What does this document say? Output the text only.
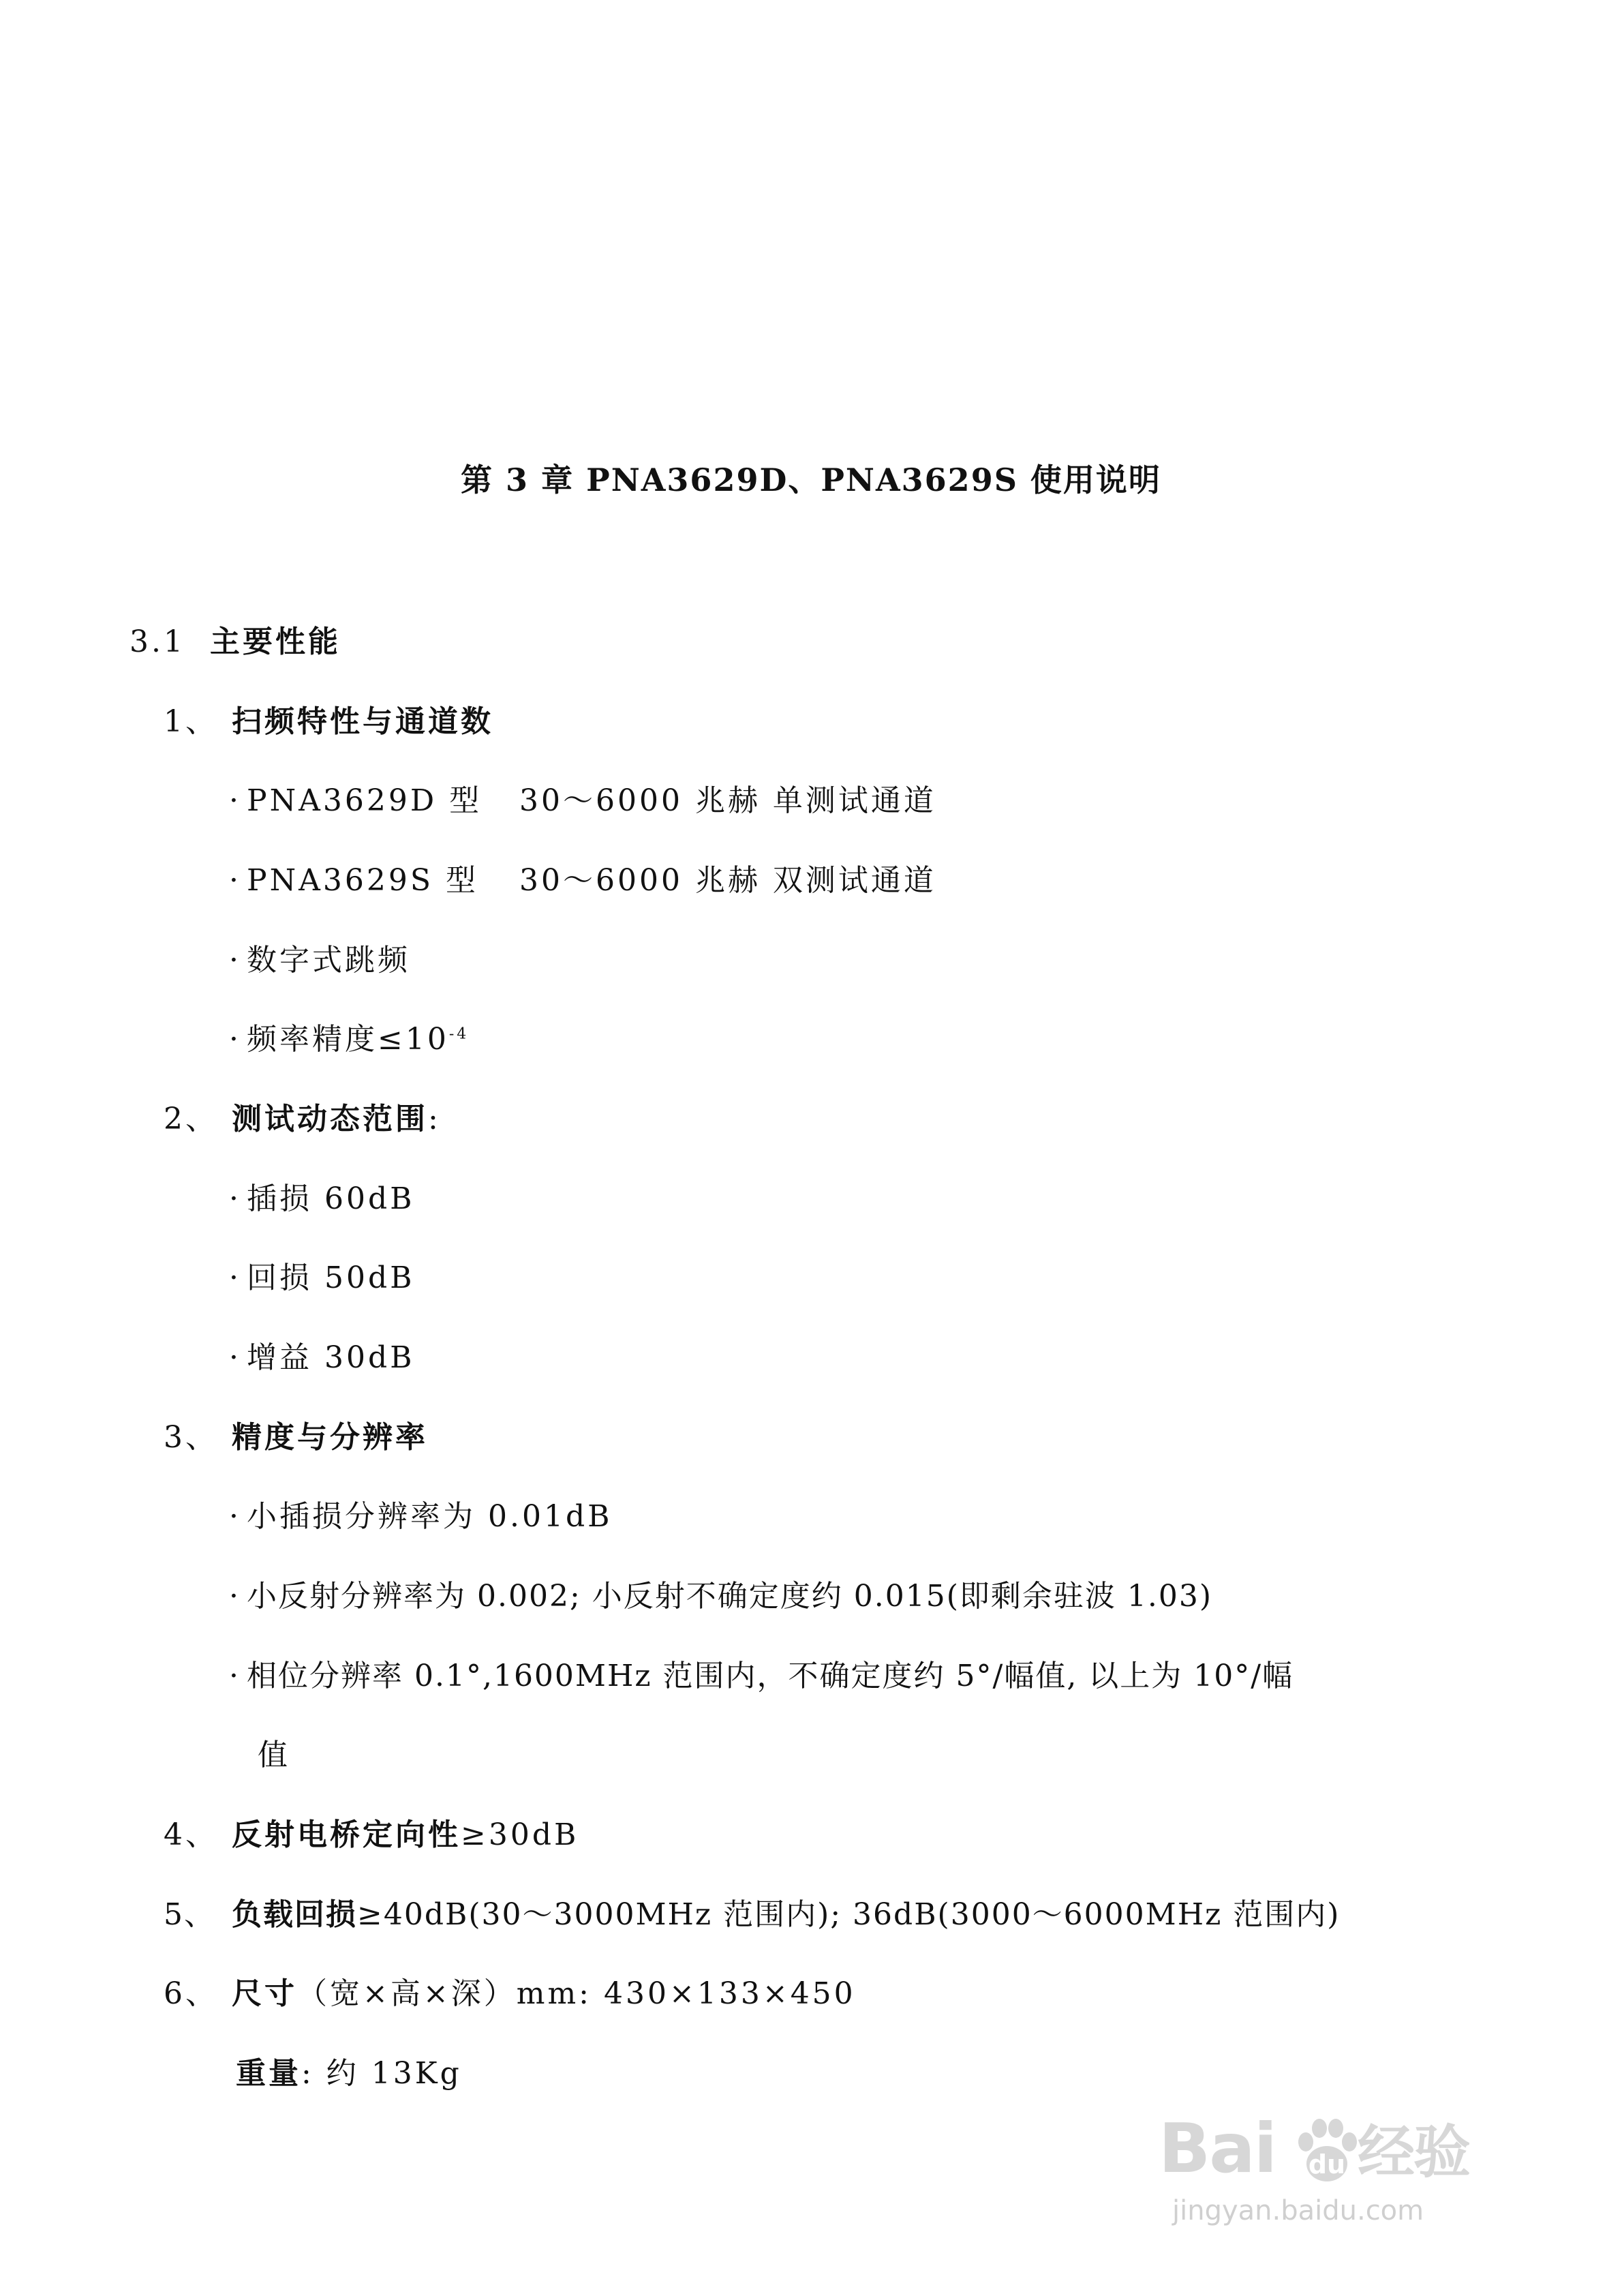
第 3 章 PNA3629D、PNA3629S 使用说明
3.1 主要性能
1、 扫频特性与通道数
· PNA3629D 型 30～6000 兆赫 单测试通道
· PNA3629S 型 30～6000 兆赫 双测试通道
· 数字式跳频
· 频率精度$\le 10^{-4}$
2、 测试动态范围:
· 插损 60dB
· 回损 50dB
· 增益 30dB
3、 精度与分辨率
· 小插损分辨率为 0.01dB
· 小反射分辨率为 0.002; 小反射不确定度约 0.015(即剩余驻波 1.03)
· 相位分辨率 0.1°,1600MHz 范围内，不确定度约 5°/幅值, 以上为 10°/幅
值
4、 反射电桥定向性≥30dB
5、 负载回损≥40dB(30～3000MHz 范围内); 36dB(3000～6000MHz 范围内)
6、 尺寸（宽×高×深）mm: 430×133×450
重量: 约 13Kg
Bai 经验
du
jingyan.baidu.com
